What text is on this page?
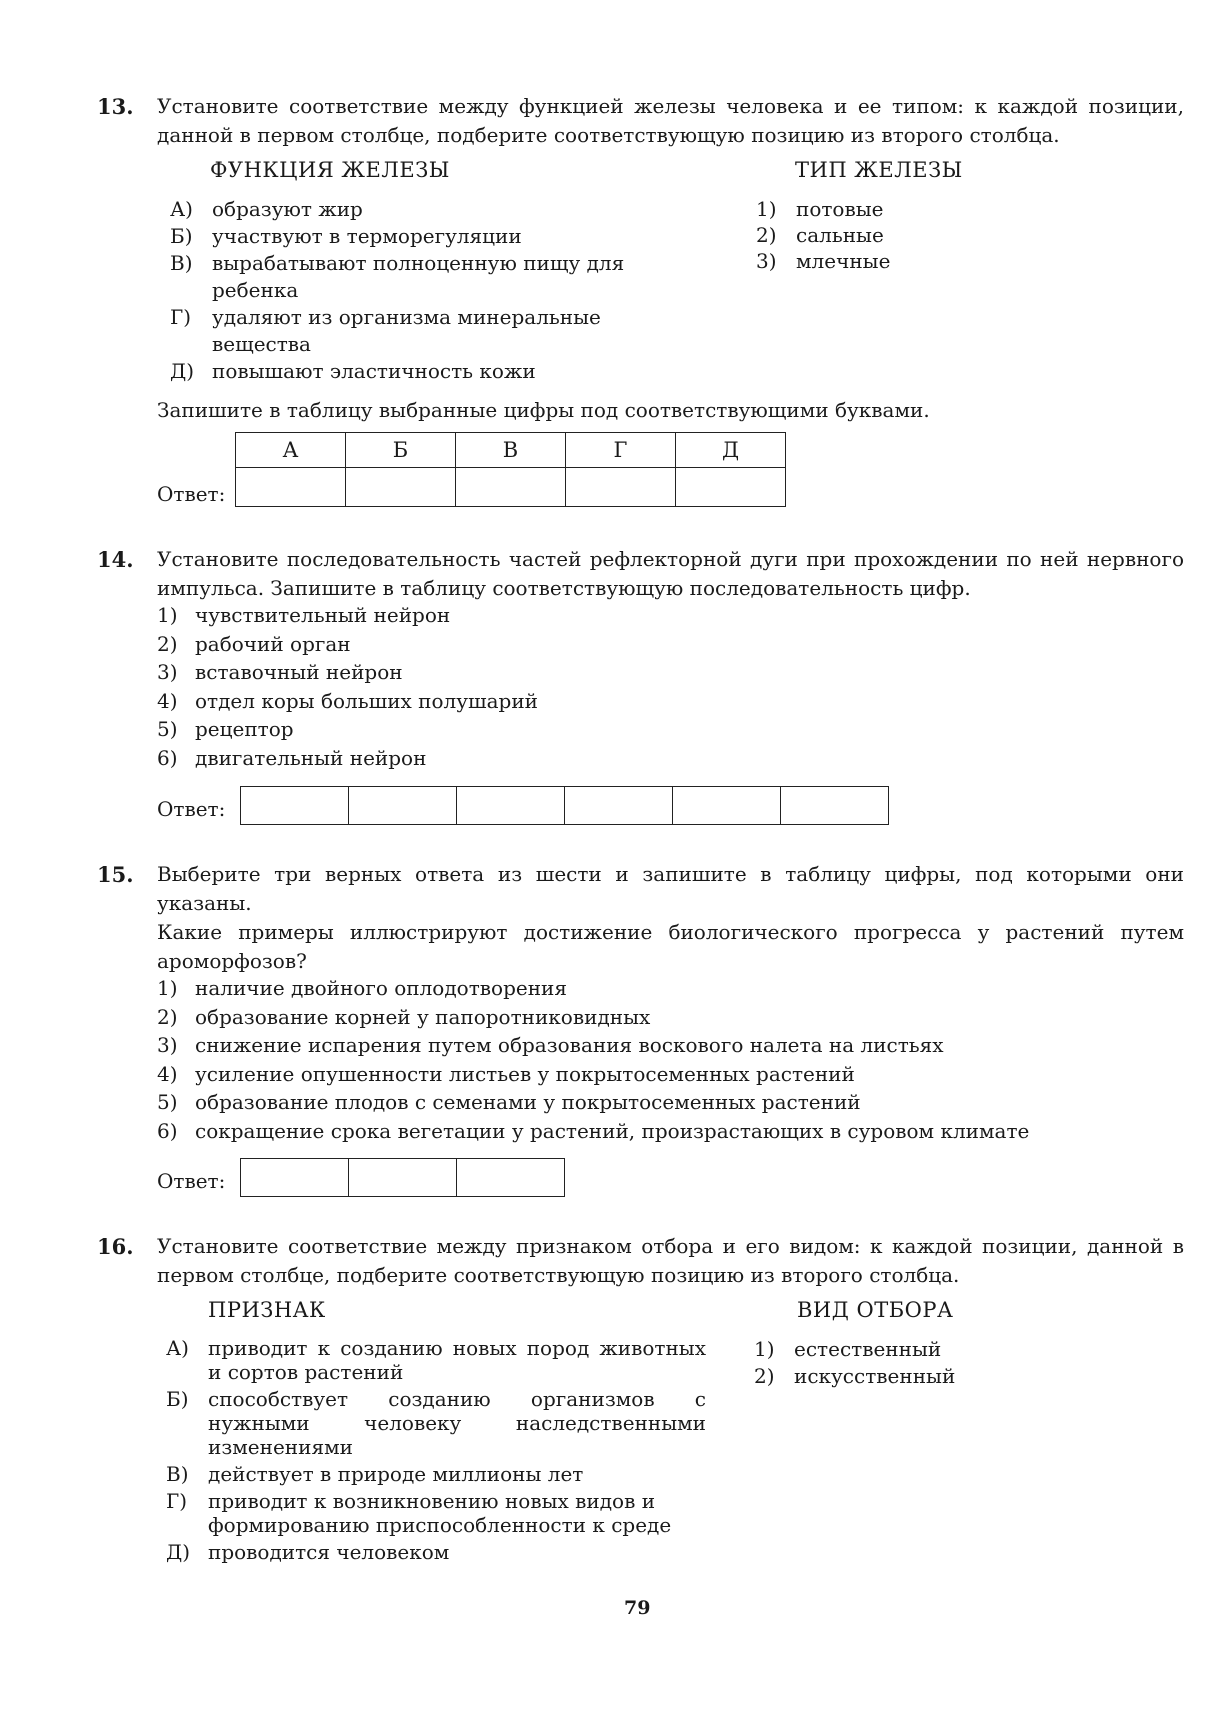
13. Установите соответствие между функцией железы человека и ее типом: к каждой позиции, данной в первом столбце, подберите соответствующую позицию из второго столбца.
ФУНКЦИЯ ЖЕЛЕЗЫ	ТИП ЖЕЛЕЗЫ
А) образуют жир
Б) участвуют в терморегуляции
В) вырабатывают полноценную пищу для ребенка
Г)	удаляют из организма минеральные вещества
Д) повышают эластичность кожи
1) потовые
2) сальные
3) млечные
Запишите в таблицу выбранные цифры под соответствующими буквами.
Ответ:
А	Б	В	Г	Д

14. Установите последовательность частей рефлекторной дуги при прохождении по ней нервного импульса. Запишите в таблицу соответствующую последовательность цифр.
1) чувствительный нейрон
2) рабочий орган
3) вставочный нейрон
4) отдел коры больших полушарий
5) рецептор
6) двигательный нейрон
Ответ:

15. Выберите три верных ответа из шести и запишите в таблицу цифры, под которыми они указаны.
Какие примеры иллюстрируют достижение биологического прогресса у растений путем ароморфозов?
1) наличие двойного оплодотворения
2) образование корней у папоротниковидных
3) снижение испарения путем образования воскового налета на листьях
4) усиление опушенности листьев у покрытосеменных растений
5) образование плодов с семенами у покрытосеменных растений
6) сокращение срока вегетации у растений, произрастающих в суровом климате
Ответ:

16. Установите соответствие между признаком отбора и его видом: к каждой позиции, данной в первом столбце, подберите соответствующую позицию из второго столбца.
ПРИЗНАК	ВИД ОТБОРА
А) приводит к созданию новых пород животных и сортов растений
Б) способствует созданию организмов с нужными человеку наследственными изменениями
В) действует в природе миллионы лет
Г)	приводит к возникновению новых видов и формированию приспособленности к среде
Д) проводится человеком
1) естественный
2) искусственный
79
